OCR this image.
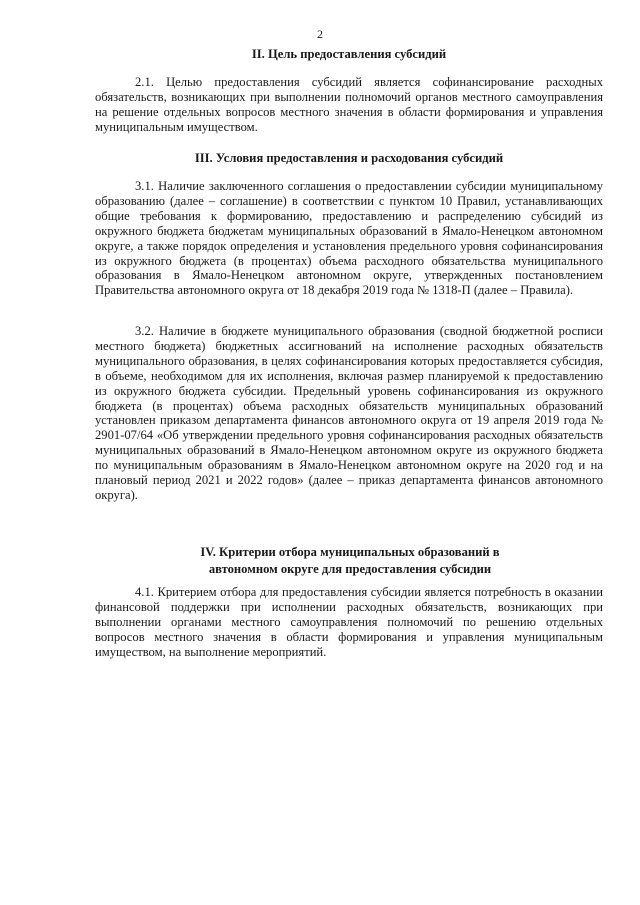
2
II. Цель предоставления субсидий
2.1. Целью предоставления субсидий является софинансирование расходных обязательств, возникающих при выполнении полномочий органов местного самоуправления на решение отдельных вопросов местного значения в области формирования и управления муниципальным имуществом.
III. Условия предоставления и расходования субсидий
3.1. Наличие заключенного соглашения о предоставлении субсидии муниципальному образованию (далее – соглашение) в соответствии с пунктом 10 Правил, устанавливающих общие требования к формированию, предоставлению и распределению субсидий из окружного бюджета бюджетам муниципальных образований в Ямало-Ненецком автономном округе, а также порядок определения и установления предельного уровня софинансирования из окружного бюджета (в процентах) объема расходного обязательства муниципального образования в Ямало-Ненецком автономном округе, утвержденных постановлением Правительства автономного округа от 18 декабря 2019 года № 1318-П (далее – Правила).
3.2. Наличие в бюджете муниципального образования (сводной бюджетной росписи местного бюджета) бюджетных ассигнований на исполнение расходных обязательств муниципального образования, в целях софинансирования которых предоставляется субсидия, в объеме, необходимом для их исполнения, включая размер планируемой к предоставлению из окружного бюджета субсидии. Предельный уровень софинансирования из окружного бюджета (в процентах) объема расходных обязательств муниципальных образований установлен приказом департамента финансов автономного округа от 19 апреля 2019 года № 2901-07/64 «Об утверждении предельного уровня софинансирования расходных обязательств муниципальных образований в Ямало-Ненецком автономном округе из окружного бюджета по муниципальным образованиям в Ямало-Ненецком автономном округе на 2020 год и на плановый период 2021 и 2022 годов» (далее – приказ департамента финансов автономного округа).
IV. Критерии отбора муниципальных образований в автономном округе для предоставления субсидии
4.1. Критерием отбора для предоставления субсидии является потребность в оказании финансовой поддержки при исполнении расходных обязательств, возникающих при выполнении органами местного самоуправления полномочий по решению отдельных вопросов местного значения в области формирования и управления муниципальным имуществом, на выполнение мероприятий.
